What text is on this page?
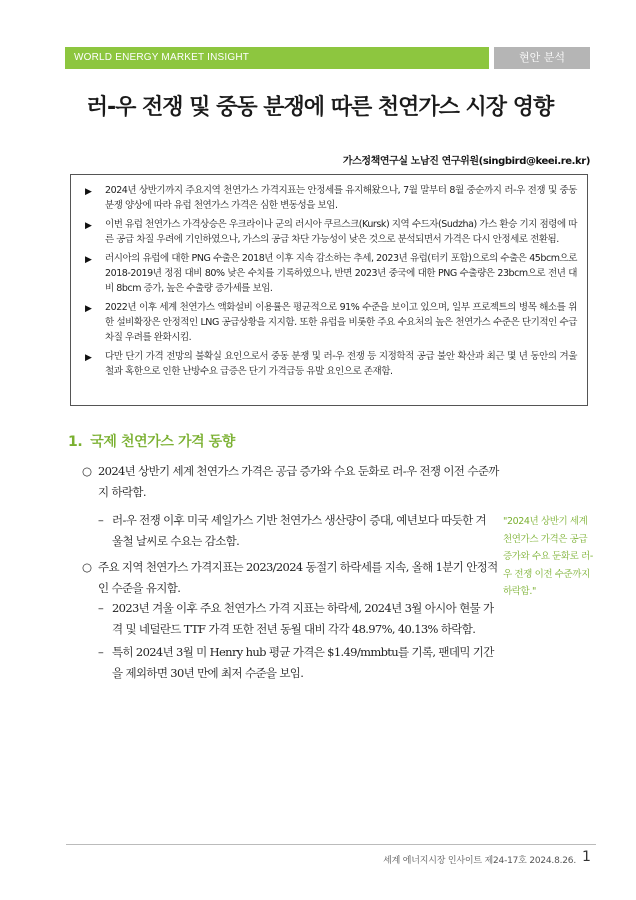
WORLD ENERGY MARKET INSIGHT	현안 분석
러-우 전쟁 및 중동 분쟁에 따른 천연가스 시장 영향
가스정책연구실 노남진 연구위원(singbird@keei.re.kr)
▶ 2024년 상반기까지 주요지역 천연가스 가격지표는 안정세를 유지해왔으나, 7월 말부터 8월 중순까지 러-우 전쟁 및 중동 분쟁 양상에 따라 유럽 천연가스 가격은 심한 변동성을 보임.
▶ 이번 유럽 천연가스 가격상승은 우크라이나 군의 러시아 쿠르스크(Kursk) 지역 수드자(Sudzha) 가스 환승 기지 점령에 따른 공급 차질 우려에 기인하였으나, 가스의 공급 차단 가능성이 낮은 것으로 분석되면서 가격은 다시 안정세로 전환됨.
▶ 러시아의 유럽에 대한 PNG 수출은 2018년 이후 지속 감소하는 추세, 2023년 유럽(터키 포함)으로의 수출은 45bcm으로 2018-2019년 정점 대비 80% 낮은 수치를 기록하였으나, 반면 2023년 중국에 대한 PNG 수출량은 23bcm으로 전년 대비 8bcm 증가, 높은 수출량 증가세를 보임.
▶ 2022년 이후 세계 천연가스 액화설비 이용률은 평균적으로 91% 수준을 보이고 있으며, 일부 프로젝트의 병목 해소를 위한 설비확장은 안정적인 LNG 공급상황을 지지함. 또한 유럽을 비롯한 주요 수요처의 높은 천연가스 수준은 단기적인 수급 차질 우려를 완화시킴.
▶ 다만 단기 가격 전망의 불확실 요인으로서 중동 분쟁 및 러-우 전쟁 등 지정학적 공급 불안 확산과 최근 몇 년 동안의 겨울철과 혹한으로 인한 난방수요 급증은 단기 가격급등 유발 요인으로 존재함.
1. 국제 천연가스 가격 동향
○ 2024년 상반기 세계 천연가스 가격은 공급 증가와 수요 둔화로 러-우 전쟁 이전 수준까지 하락함.
– 러-우 전쟁 이후 미국 셰일가스 기반 천연가스 생산량이 증대, 예년보다 따듯한 겨울철 날씨로 수요는 감소함.
○ 주요 지역 천연가스 가격지표는 2023/2024 동절기 하락세를 지속, 올해 1분기 안정적인 수준을 유지함.
– 2023년 겨울 이후 주요 천연가스 가격 지표는 하락세, 2024년 3월 아시아 현물 가격 및 네덜란드 TTF 가격 또한 전년 동월 대비 각각 48.97%, 40.13% 하락함.
– 특히 2024년 3월 미 Henry hub 평균 가격은 $1.49/mmbtu를 기록, 팬데믹 기간을 제외하면 30년 만에 최저 수준을 보임.
"2024년 상반기 세계 천연가스 가격은 공급 증가와 수요 둔화로 러-우 전쟁 이전 수준까지 하락함."
세계 에너지시장 인사이트 제24-17호 2024.8.26. 1
